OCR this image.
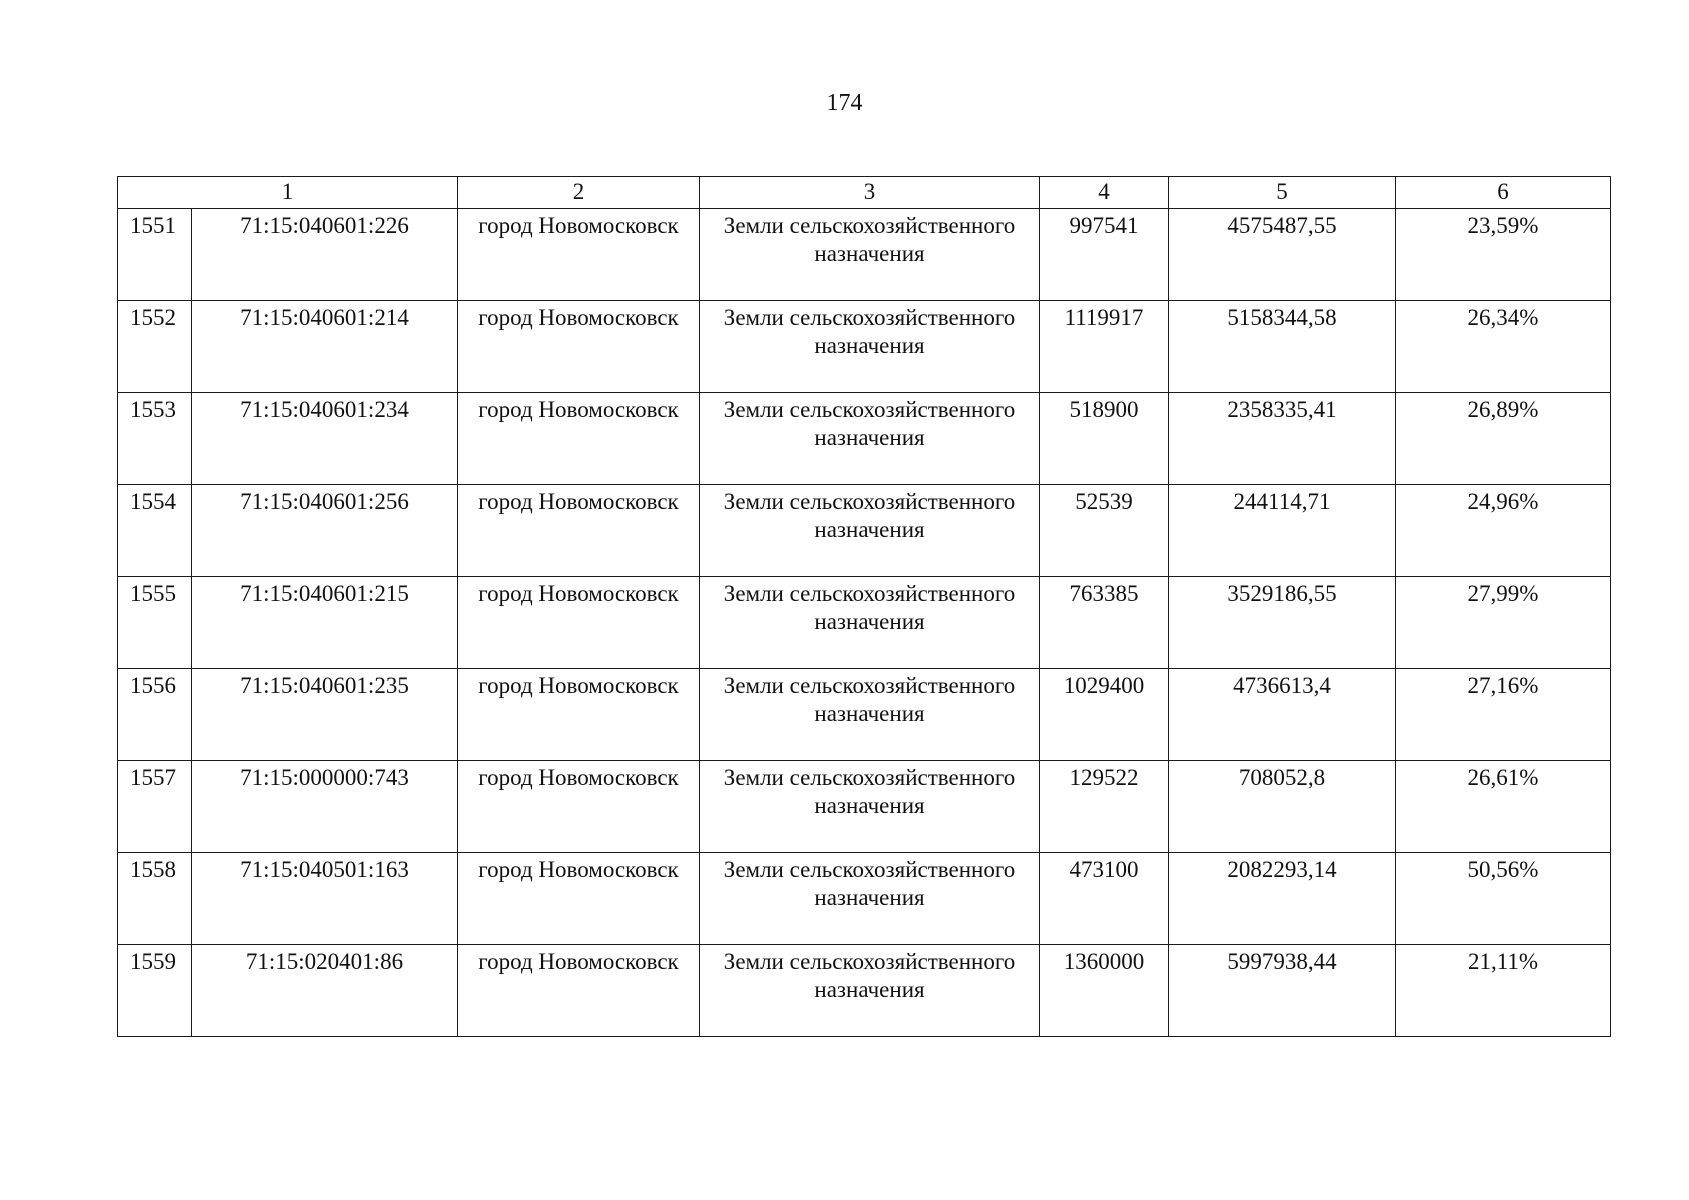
174
1		2	3	4	5	6
1551	71:15:040601:226	город Новомосковск	Земли сельскохозяйственного
назначения	997541	4575487,55	23,59%
1552	71:15:040601:214	город Новомосковск	Земли сельскохозяйственного
назначения	1119917	5158344,58	26,34%
1553	71:15:040601:234	город Новомосковск	Земли сельскохозяйственного
назначения	518900	2358335,41	26,89%
1554	71:15:040601:256	город Новомосковск	Земли сельскохозяйственного
назначения	52539	244114,71	24,96%
1555	71:15:040601:215	город Новомосковск	Земли сельскохозяйственного
назначения	763385	3529186,55	27,99%
1556	71:15:040601:235	город Новомосковск	Земли сельскохозяйственного
назначения	1029400	4736613,4	27,16%
1557	71:15:000000:743	город Новомосковск	Земли сельскохозяйственного
назначения	129522	708052,8	26,61%
1558	71:15:040501:163	город Новомосковск	Земли сельскохозяйственного
назначения	473100	2082293,14	50,56%
1559	71:15:020401:86	город Новомосковск	Земли сельскохозяйственного
назначения	1360000	5997938,44	21,11%
